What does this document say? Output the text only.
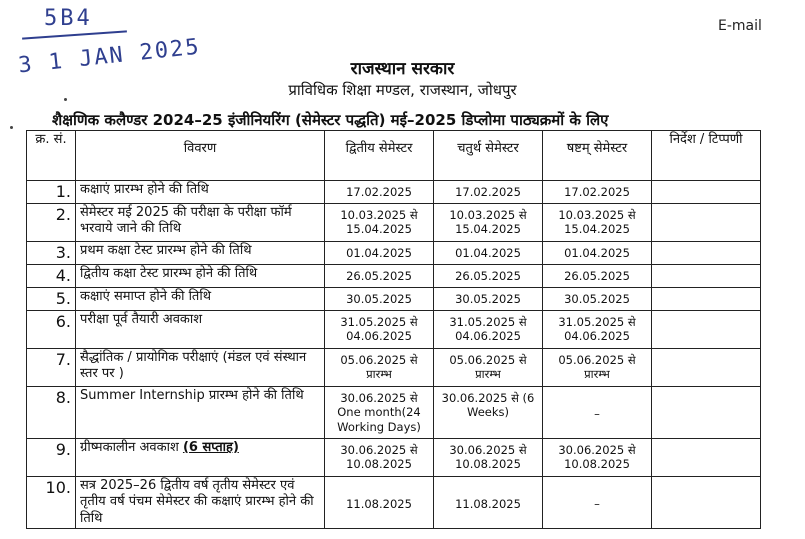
5B4
3 1 JAN 2025
E-mail
राजस्थान सरकार
प्राविधिक शिक्षा मण्डल, राजस्थान, जोधपुर
शैक्षणिक कलैण्डर 2024–25 इंजीनियरिंग (सेमेस्टर पद्धति) मई–2025 डिप्लोमा पाठ्यक्रमों के लिए
क्र. सं.	विवरण	द्वितीय सेमेस्टर	चतुर्थ सेमेस्टर	षष्टम् सेमेस्टर	निर्देश / टिप्पणी
1.	कक्षाएं प्रारम्भ होने की तिथि	17.02.2025	17.02.2025	17.02.2025	
2.	सेमेस्टर मई 2025 की परीक्षा के परीक्षा फॉर्म भरवाये जाने की तिथि	10.03.2025 से 15.04.2025	10.03.2025 से 15.04.2025	10.03.2025 से 15.04.2025	
3.	प्रथम कक्षा टेस्ट प्रारम्भ होने की तिथि	01.04.2025	01.04.2025	01.04.2025	
4.	द्वितीय कक्षा टेस्ट प्रारम्भ होने की तिथि	26.05.2025	26.05.2025	26.05.2025	
5.	कक्षाएं समाप्त होने की तिथि	30.05.2025	30.05.2025	30.05.2025	
6.	परीक्षा पूर्व तैयारी अवकाश	31.05.2025 से 04.06.2025	31.05.2025 से 04.06.2025	31.05.2025 से 04.06.2025	
7.	सैद्धांतिक / प्रायोगिक परीक्षाएं (मंडल एवं संस्थान स्तर पर )	05.06.2025 से प्रारम्भ	05.06.2025 से प्रारम्भ	05.06.2025 से प्रारम्भ	
8.	Summer Internship प्रारम्भ होने की तिथि	30.06.2025 से One month(24 Working Days)	30.06.2025 से (6 Weeks)	–	
9.	ग्रीष्मकालीन अवकाश (6 सप्ताह)	30.06.2025 से 10.08.2025	30.06.2025 से 10.08.2025	30.06.2025 से 10.08.2025	
10.	सत्र 2025–26 द्वितीय वर्ष तृतीय सेमेस्टर एवं तृतीय वर्ष पंचम सेमेस्टर की कक्षाएं प्रारम्भ होने की तिथि	11.08.2025	11.08.2025	–	
